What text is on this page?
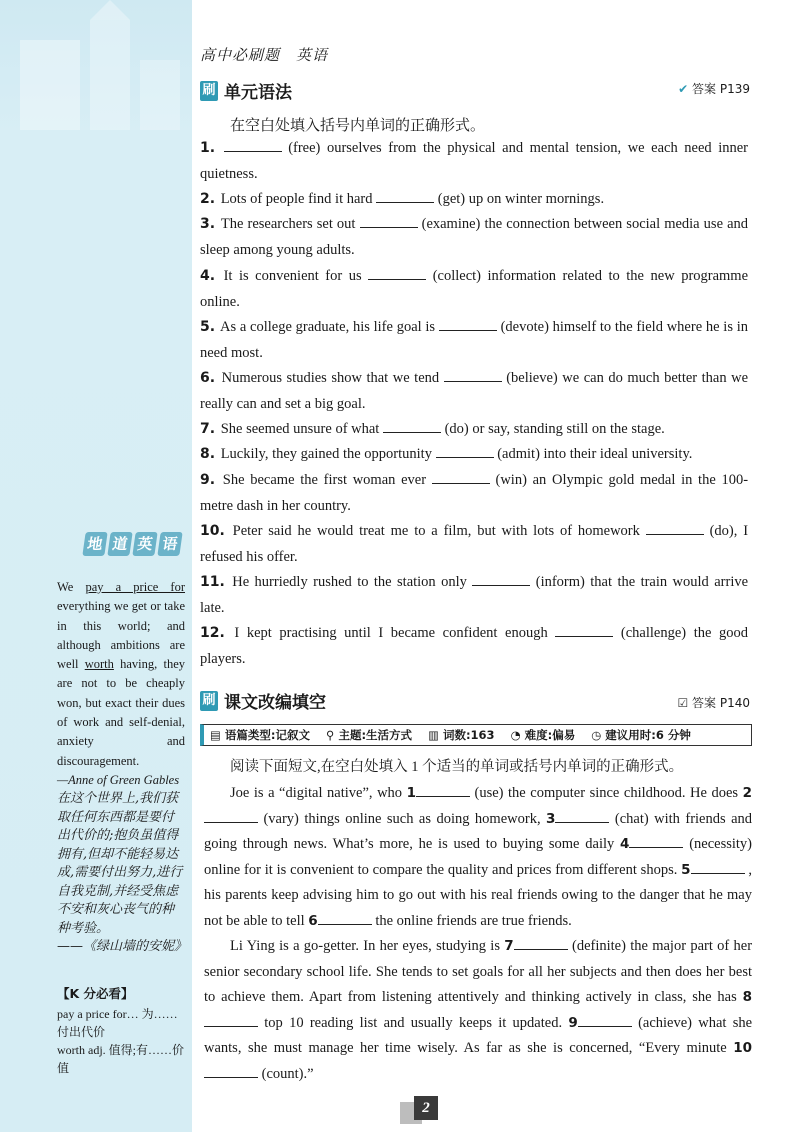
地 道 英 语
We pay a price for everything we get or take in this world; and although ambitions are well worth having, they are not to be cheaply won, but exact their dues of work and self-denial, anxiety and discouragement.
—Anne of Green Gables
在这个世界上,我们获取任何东西都是要付出代价的;抱负虽值得拥有,但却不能轻易达成,需要付出努力,进行自我克制,并经受焦虑不安和灰心丧气的种种考验。
——《绿山墙的安妮》
【K 分必看】
pay a price for… 为……付出代价
worth adj. 值得;有……价值
高中必刷题　英语
刷 单元语法	✔ 答案 P139
在空白处填入括号内单词的正确形式。
1.	(free) ourselves from the physical and mental tension, we each need inner quietness.
2. Lots of people find it hard	(get) up on winter mornings.
3. The researchers set out	(examine) the connection between social media use and sleep among young adults.
4. It is convenient for us	(collect) information related to the new programme online.
5. As a college graduate, his life goal is	(devote) himself to the field where he is in need most.
6. Numerous studies show that we tend	(believe) we can do much better than we really can and set a big goal.
7. She seemed unsure of what	(do) or say, standing still on the stage.
8. Luckily, they gained the opportunity	(admit) into their ideal university.
9. She became the first woman ever	(win) an Olympic gold medal in the 100-metre dash in her country.
10. Peter said he would treat me to a film, but with lots of homework	(do), I refused his offer.
11. He hurriedly rushed to the station only	(inform) that the train would arrive late.
12. I kept practising until I became confident enough	(challenge) the good players.
刷 课文改编填空	☑ 答案 P140
▤ 语篇类型:记叙文 ⚲ 主题:生活方式 ▥ 词数:163 ◔ 难度:偏易 ◷ 建议用时:6 分钟
阅读下面短文,在空白处填入 1 个适当的单词或括号内单词的正确形式。
Joe is a “digital native”, who 1	(use) the computer since childhood. He does 2 (vary) things online such as doing homework, 3	(chat) with friends and going through news. What’s more, he is used to buying some daily 4	(necessity) online for it is convenient to compare the quality and prices from different shops. 5	, his parents keep advising him to go out with his real friends owing to the danger that he may not be able to tell 6	the online friends are true friends.
Li Ying is a go-getter. In her eyes, studying is 7	(definite) the major part of her senior secondary school life. She tends to set goals for all her subjects and then does her best to achieve them. Apart from listening attentively and thinking actively in class, she has 8 top 10 reading list and usually keeps it updated. 9	(achieve) what she wants, she must manage her time wisely. As far as she is concerned, “Every minute 10 (count).”
2
